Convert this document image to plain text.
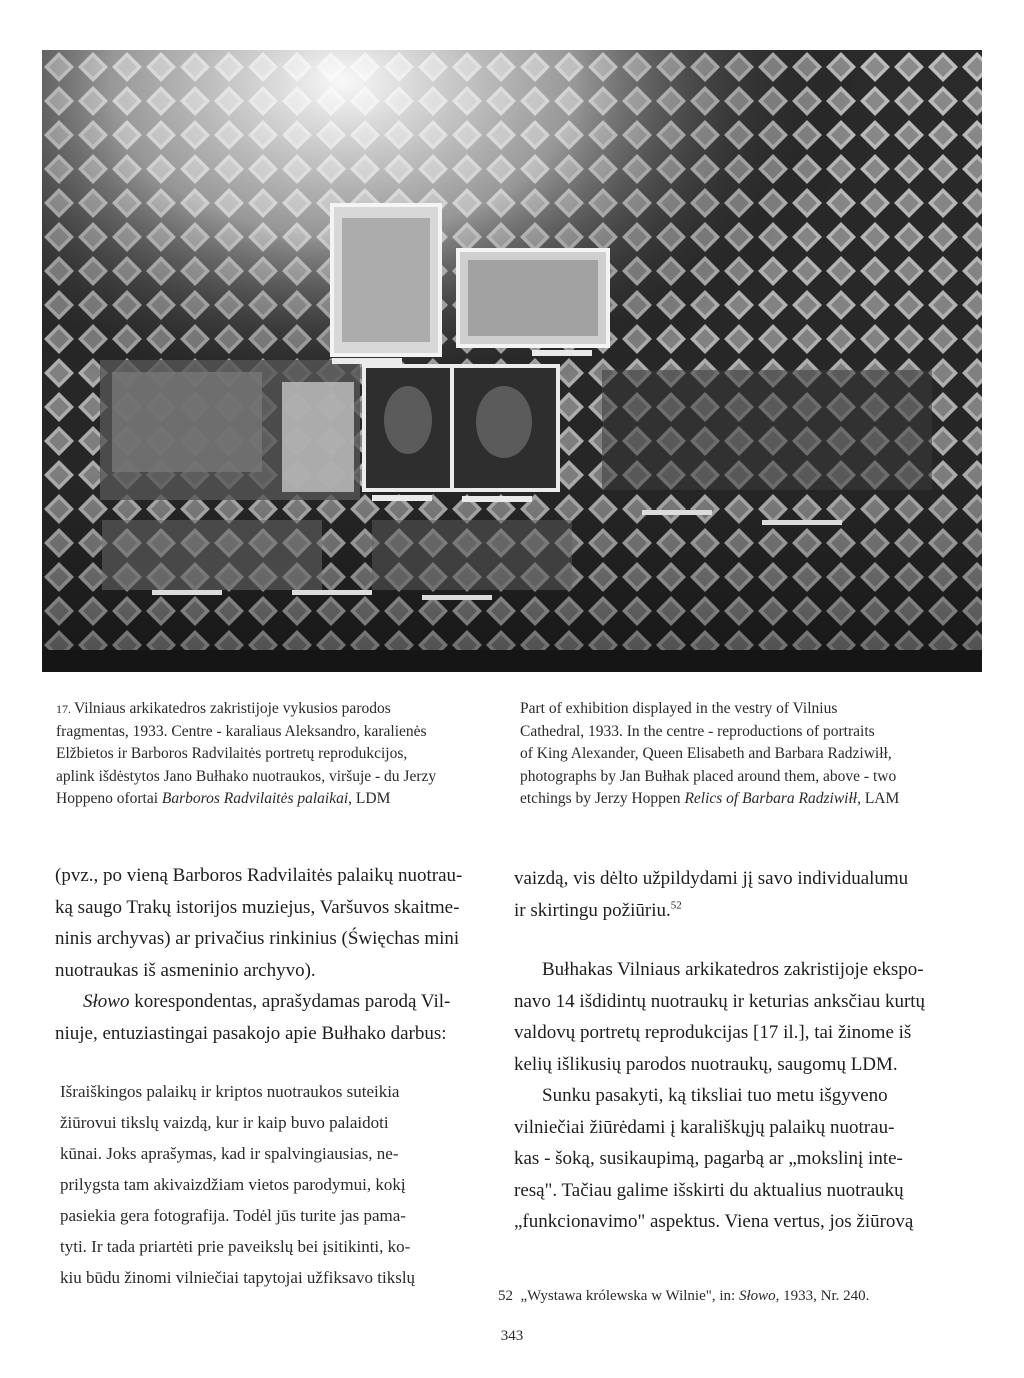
$^{17.}$ Vilniaus arkikatedros zakristijoje vykusios parodos
fragmentas, 1933. Centre - karaliaus Aleksandro, karalienės
Elžbietos ir Barboros Radvilaitės portretų reprodukcijos,
aplink išdėstytos Jano Bułhako nuotraukos, viršuje - du Jerzy
Hoppeno ofortai Barboros Radvilaitės palaikai, LDM
Part of exhibition displayed in the vestry of Vilnius
Cathedral, 1933. In the centre - reproductions of portraits
of King Alexander, Queen Elisabeth and Barbara Radziwiłł,
photographs by Jan Bułhak placed around them, above - two
etchings by Jerzy Hoppen Relics of Barbara Radziwiłł, LAM

(pvz., po vieną Barboros Radvilaitės palaikų nuotrau-
ką saugo Trakų istorijos muziejus, Varšuvos skaitme-
ninis archyvas) ar privačius rinkinius (Święchas mini
nuotraukas iš asmeninio archyvo).

Słowo korespondentas, aprašydamas parodą Vil-
niuje, entuziastingai pasakojo apie Bułhako darbus:

Išraiškingos palaikų ir kriptos nuotraukos suteikia
žiūrovui tikslų vaizdą, kur ir kaip buvo palaidoti
kūnai. Joks aprašymas, kad ir spalvingiausias, ne-
prilygsta tam akivaizdžiam vietos parodymui, kokį
pasiekia gera fotografija. Todėl jūs turite jas pama-
tyti. Ir tada priartėti prie paveikslų bei įsitikinti, ko-
kiu būdu žinomi vilniečiai tapytojai užfiksavo tikslų

vaizdą, vis dėlto užpildydami jį savo individualumu
ir skirtingu požiūriu.$^{52}$

Bułhakas Vilniaus arkikatedros zakristijoje ekspo-
navo 14 išdidintų nuotraukų ir keturias anksčiau kurtų
valdovų portretų reprodukcijas [17 il.], tai žinome iš
kelių išlikusių parodos nuotraukų, saugomų LDM.

Sunku pasakyti, ką tiksliai tuo metu išgyveno
vilniečiai žiūrėdami į karališkųjų palaikų nuotrau-
kas - šoką, susikaupimą, pagarbą ar „mokslinį inte-
resą". Tačiau galime išskirti du aktualius nuotraukų
„funkcionavimo" aspektus. Viena vertus, jos žiūrovą

52 „Wystawa królewska w Wilnie", in: Słowo, 1933, Nr. 240.
343
